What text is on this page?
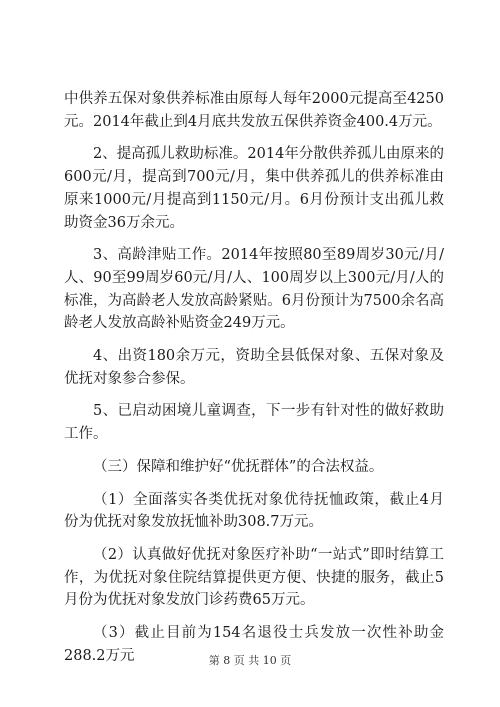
中供养五保对象供养标准由原每人每年2000元提高至4250元。2014年截止到4月底共发放五保供养资金400.4万元。

2、提高孤儿救助标准。2014年分散供养孤儿由原来的600元/月，提高到700元/月，集中供养孤儿的供养标准由原来1000元/月提高到1150元/月。6月份预计支出孤儿救助资金36万余元。

3、高龄津贴工作。2014年按照80至89周岁30元/月/人、90至99周岁60元/月/人、100周岁以上300元/月/人的标准，为高龄老人发放高龄紧贴。6月份预计为7500余名高龄老人发放高龄补贴资金249万元。

4、出资180余万元，资助全县低保对象、五保对象及优抚对象参合参保。

5、已启动困境儿童调查，下一步有针对性的做好救助工作。

（三）保障和维护好“优抚群体”的合法权益。

（1）全面落实各类优抚对象优待抚恤政策，截止4月份为优抚对象发放抚恤补助308.7万元。

（2）认真做好优抚对象医疗补助“一站式”即时结算工作，为优抚对象住院结算提供更方便、快捷的服务，截止5月份为优抚对象发放门诊药费65万元。

（3）截止目前为154名退役士兵发放一次性补助金288.2万元	第 8 页 共 10 页
